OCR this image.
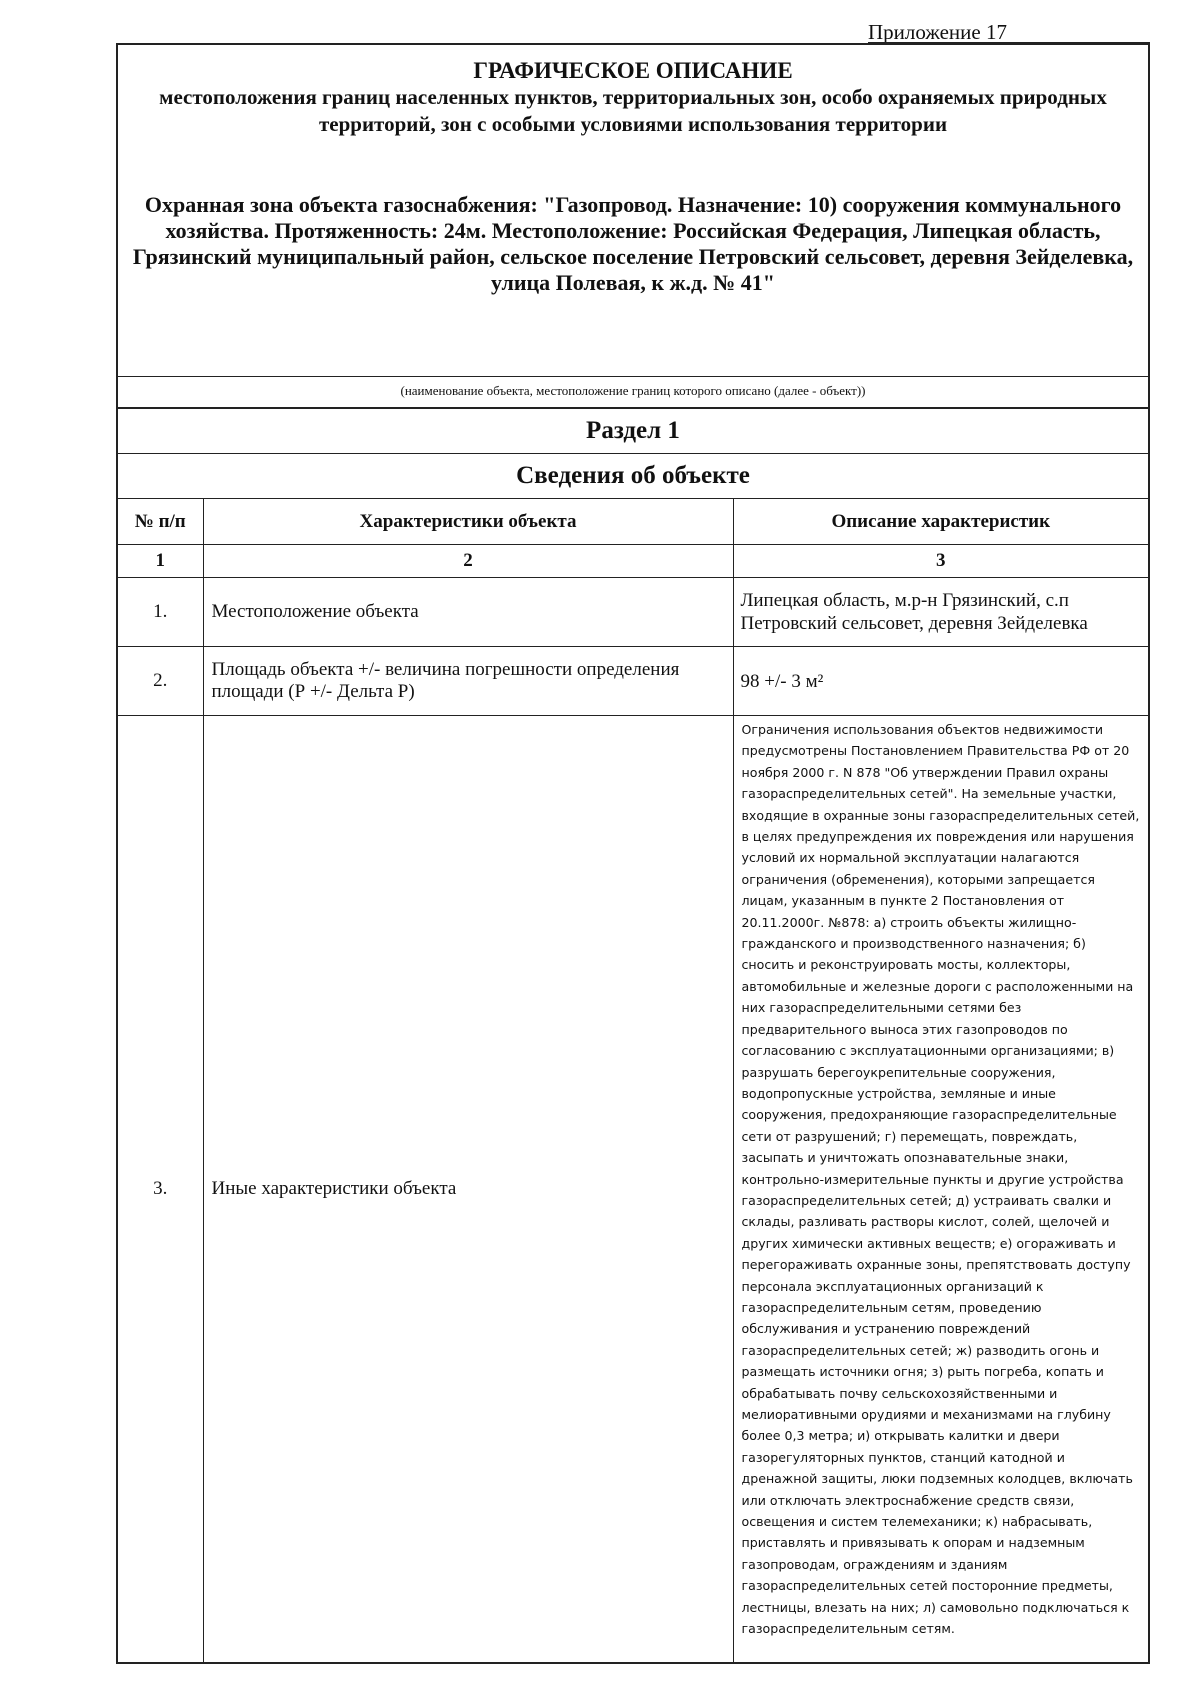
Приложение 17
ГРАФИЧЕСКОЕ ОПИСАНИЕ
местоположения границ населенных пунктов, территориальных зон, особо охраняемых природных территорий, зон с особыми условиями использования территории
Охранная зона объекта газоснабжения: "Газопровод. Назначение: 10) сооружения коммунального хозяйства. Протяженность: 24м. Местоположение: Российская Федерация, Липецкая область, Грязинский муниципальный район, сельское поселение Петровский сельсовет, деревня Зейделевка, улица Полевая, к ж.д. № 41"
(наименование объекта, местоположение границ которого описано (далее - объект))
Раздел 1
Сведения об объекте
№ п/п	Характеристики объекта	Описание характеристик
1	2	3
1.	Местоположение объекта	Липецкая область, м.р-н Грязинский, с.п Петровский сельсовет, деревня Зейделевка
2.	Площадь объекта +/- величина погрешности определения площади (Р +/- Дельта Р)	98 +/- 3 м²
3.	Иные характеристики объекта	Ограничения использования объектов недвижимости предусмотрены Постановлением Правительства РФ от 20 ноября 2000 г. N 878 "Об утверждении Правил охраны газораспределительных сетей". На земельные участки, входящие в охранные зоны газораспределительных сетей, в целях предупреждения их повреждения или нарушения условий их нормальной эксплуатации налагаются ограничения (обременения), которыми запрещается лицам, указанным в пункте 2 Постановления от 20.11.2000г. №878: а) строить объекты жилищно-гражданского и производственного назначения; б) сносить и реконструировать мосты, коллекторы, автомобильные и железные дороги с расположенными на них газораспределительными сетями без предварительного выноса этих газопроводов по согласованию с эксплуатационными организациями; в) разрушать берегоукрепительные сооружения, водопропускные устройства, земляные и иные сооружения, предохраняющие газораспределительные сети от разрушений; г) перемещать, повреждать, засыпать и уничтожать опознавательные знаки, контрольно-измерительные пункты и другие устройства газораспределительных сетей; д) устраивать свалки и склады, разливать растворы кислот, солей, щелочей и других химически активных веществ; е) огораживать и перегораживать охранные зоны, препятствовать доступу персонала эксплуатационных организаций к газораспределительным сетям, проведению обслуживания и устранению повреждений газораспределительных сетей; ж) разводить огонь и размещать источники огня; з) рыть погреба, копать и обрабатывать почву сельскохозяйственными и мелиоративными орудиями и механизмами на глубину более 0,3 метра; и) открывать калитки и двери газорегуляторных пунктов, станций катодной и дренажной защиты, люки подземных колодцев, включать или отключать электроснабжение средств связи, освещения и систем телемеханики; к) набрасывать, приставлять и привязывать к опорам и надземным газопроводам, ограждениям и зданиям газораспределительных сетей посторонние предметы, лестницы, влезать на них; л) самовольно подключаться к газораспределительным сетям.
